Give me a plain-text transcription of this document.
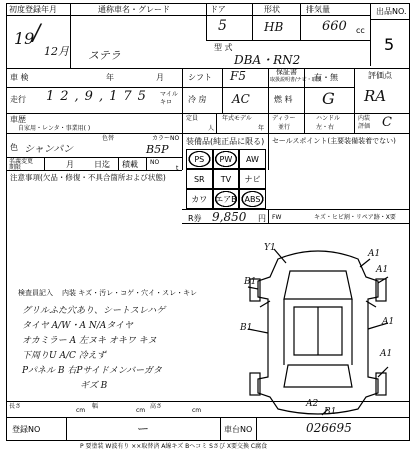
初度登録年月
19
/
12月
通称車名・グレード
ステラ
ドア
5
形状
HB
排気量
660 cc
型 式
DBA・RN2
出品NO.
5
車 検	年	月	シフト F5	保証書
取扱説明書/ナビ・取説
有・無	評価点
RA
走行 12,9,175 マイル
キロ 冷 房 AC	燃 料 G
車歴
自家用・レンタ・事業用( )
定員
人
年式モデル
年
ディラー
並行
ハンドル
左・右
内装
評価 C
色 シャンパン
色替	カラーNO
B5P
装備品(純正品に限る) セールスポイント(主要装備装着でない)
名義変更
期限	月	日迄 積載 NO
t
注意事項(欠品・修復・不具合箇所および状態)
R券 9,850 円 FW	キズ・ヒビ割・リペア跡・X要
検査員記入 内装 キズ・汚レ・コゲ・穴イ・スレ・キレ
長さ
cm
幅
cm
高さ
cm
登録NO	ー	車台NO	026695
PS	PW	AW
SR	TV	ナビ
カワ エアB ABS
グリルふた穴あり、シートスレハゲ
タイヤ A/W・A N/Aタイヤ
オカミラー A 左ヌキ オキワ キヌ
下周りU A/C 冷えず
Pパネル B 右Pサイドメンバーガタ
ギズ B
Y1
A1
B1
A1
A1
B1
A1
A2
B1
P 要塗装 W波有り ××取替済 A線キズ Bヘコミ Sさび X要交換 C腐食
